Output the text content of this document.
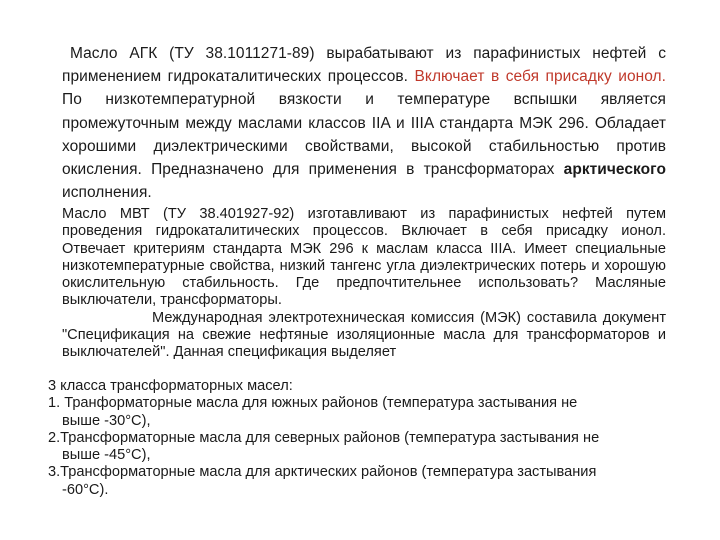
Масло АГК (ТУ 38.1011271-89) вырабатывают из парафинистых нефтей с применением гидрокаталитических процессов. Включает в себя присадку ионол. По низкотемпературной вязкости и температуре вспышки является промежуточным между маслами классов IIA и IIIA стандарта МЭК 296. Обладает хорошими диэлектрическими свойствами, высокой стабильностью против окисления. Предназначено для применения в трансформаторах арктического исполнения.

Масло МВТ (ТУ 38.401927-92) изготавливают из парафинистых нефтей путем проведения гидрокаталитических процессов. Включает в себя присадку ионол. Отвечает критериям стандарта МЭК 296 к маслам класса IIIA. Имеет специальные низкотемпературные свойства, низкий тангенс угла диэлектрических потерь и хорошую окислительную стабильность. Где предпочтительнее использовать? Масляные выключатели, трансформаторы.

Международная электротехническая комиссия (МЭК) составила документ "Спецификация на свежие нефтяные изоляционные масла для трансформаторов и выключателей". Данная спецификация выделяет

3 класса трансформаторных масел:

1. Транформаторные масла для южных районов (температура застывания не
выше -30°С),

2.Трансформаторные масла для северных районов (температура застывания не
выше -45°С),

3.Трансформаторные масла для арктических районов (температура застывания
-60°С).
